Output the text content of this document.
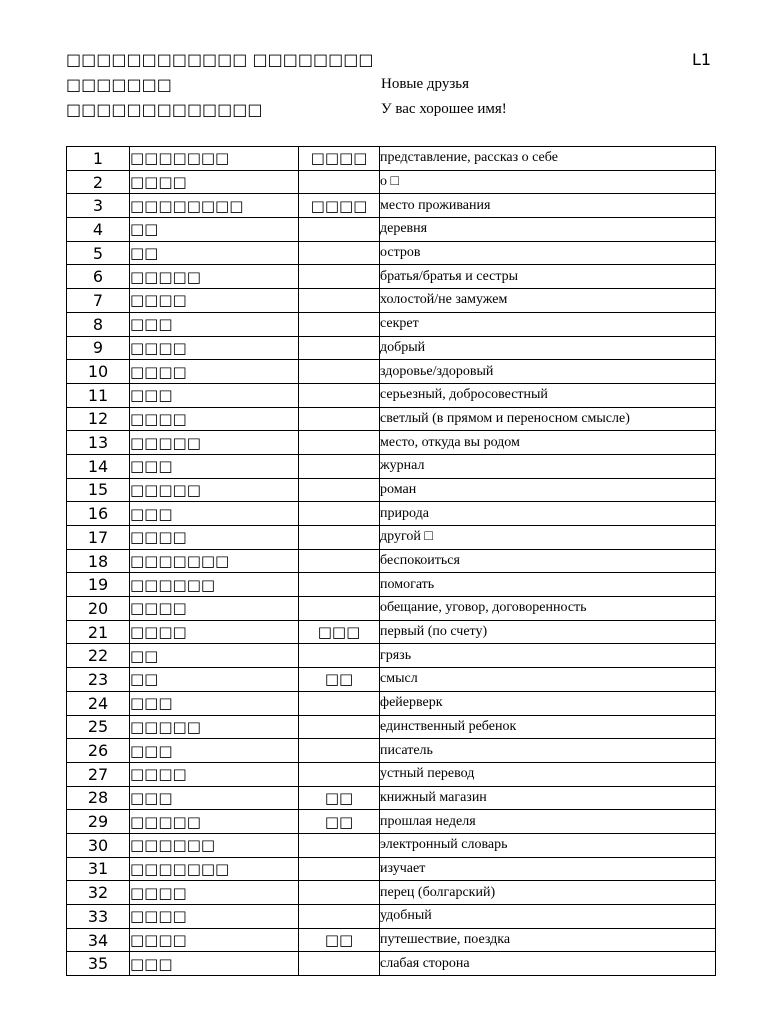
□□□□□□□□□□□□ □□□□□□□□	L1
□□□□□□□	Новые друзья
□□□□□□□□□□□□□	У вас хорошее имя!
1	□□□□□□□	□□□□	представление, рассказ о себе
2	□□□□		о □
3	□□□□□□□□	□□□□	место проживания
4	□□		деревня
5	□□		остров
6	□□□□□		братья/братья и сестры
7	□□□□		холостой/не замужем
8	□□□		секрет
9	□□□□		добрый
10	□□□□		здоровье/здоровый
11	□□□		серьезный, добросовестный
12	□□□□		светлый (в прямом и переносном смысле)
13	□□□□□		место, откуда вы родом
14	□□□		журнал
15	□□□□□		роман
16	□□□		природа
17	□□□□		другой □
18	□□□□□□□		беспокоиться
19	□□□□□□		помогать
20	□□□□		обещание, уговор, договоренность
21	□□□□	□□□	первый (по счету)
22	□□		грязь
23	□□	□□	смысл
24	□□□		фейерверк
25	□□□□□		единственный ребенок
26	□□□		писатель
27	□□□□		устный перевод
28	□□□	□□	книжный магазин
29	□□□□□	□□	прошлая неделя
30	□□□□□□		электронный словарь
31	□□□□□□□		изучает
32	□□□□		перец (болгарский)
33	□□□□		удобный
34	□□□□	□□	путешествие, поездка
35	□□□		слабая сторона
